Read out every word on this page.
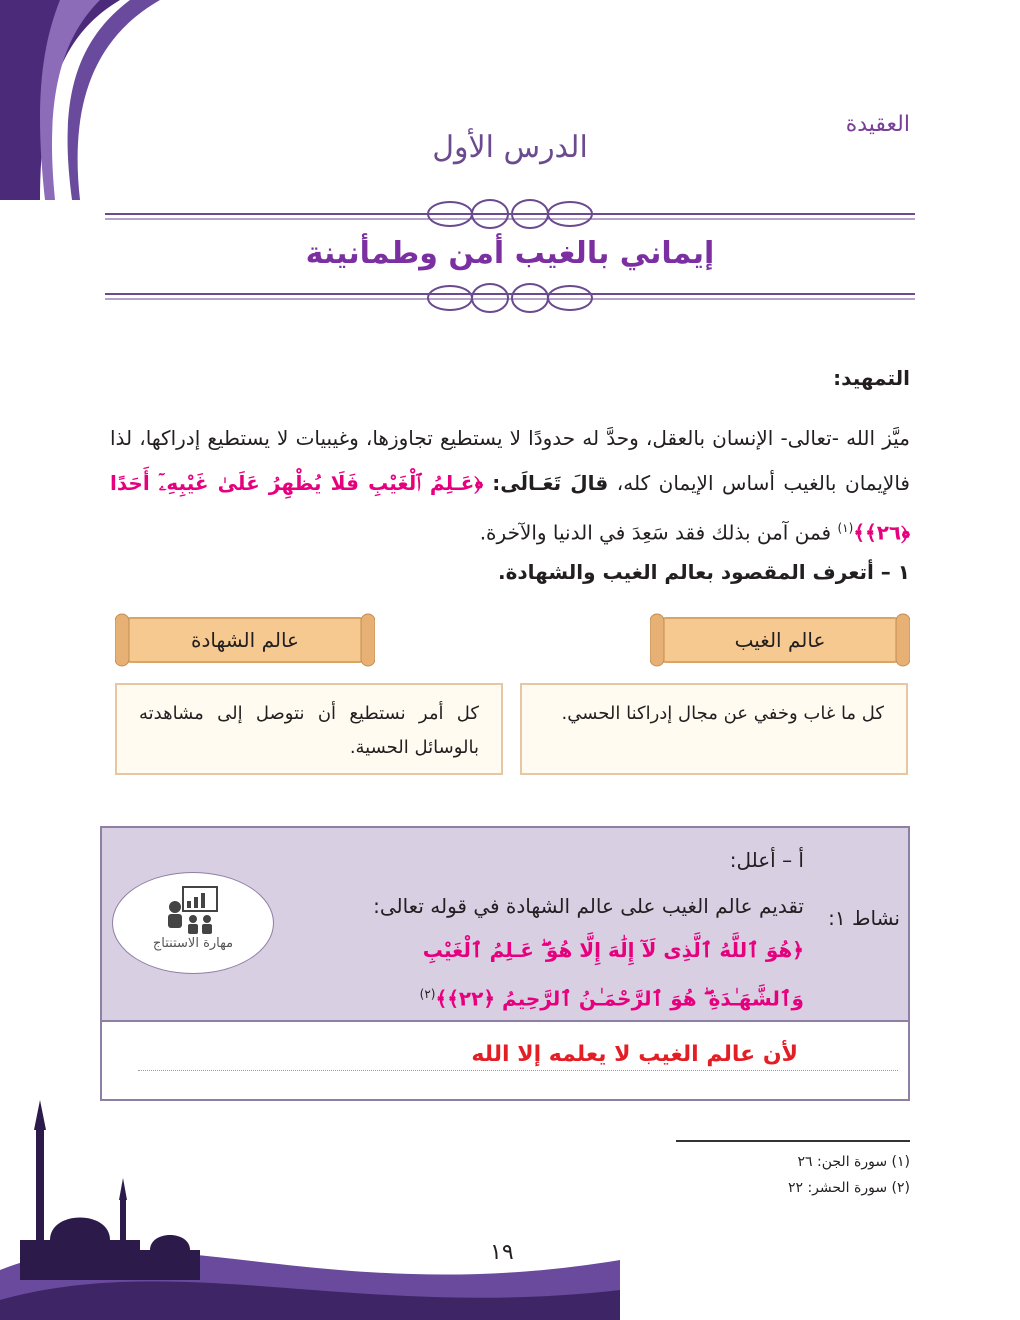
العقيدة
الدرس الأول
إيماني بالغيب أمن وطمأنينة
التمهيد:
ميَّز الله -تعالى- الإنسان بالعقل، وحدَّ له حدودًا لا يستطيع تجاوزها، وغيبيات لا يستطيع إدراكها، لذا فالإيمان بالغيب أساس الإيمان كله، قالَ تَعَـالَى: ﴿عَـلِمُ ٱلْغَيْبِ فَلَا يُظْهِرُ عَلَىٰ غَيْبِهِۦٓ أَحَدًا ﴿٢٦﴾﴾$^{(١)}$ فمن آمن بذلك فقد سَعِدَ في الدنيا والآخرة.
١ – أتعرف المقصود بعالم الغيب والشهادة.
عالم الغيب
عالم الشهادة
كل ما غاب وخفي عن مجال إدراكنا الحسي.
كل أمر نستطيع أن نتوصل إلى مشاهدته بالوسائل الحسية.
نشاط ١:
أ – أعلل:
تقديم عالم الغيب على عالم الشهادة في قوله تعالى: ﴿هُوَ ٱللَّهُ ٱلَّذِى لَآ إِلَٰهَ إِلَّا هُوَ ۖ عَـلِمُ ٱلْغَيْبِ وَٱلشَّهَـٰدَةِ ۖ هُوَ ٱلرَّحْمَـٰنُ ٱلرَّحِيمُ ﴿٢٢﴾﴾$^{(٢)}$
مهارة الاستنتاج
لأن عالم الغيب لا يعلمه إلا الله
(١) سورة الجن: ٢٦
(٢) سورة الحشر: ٢٢
١٩
